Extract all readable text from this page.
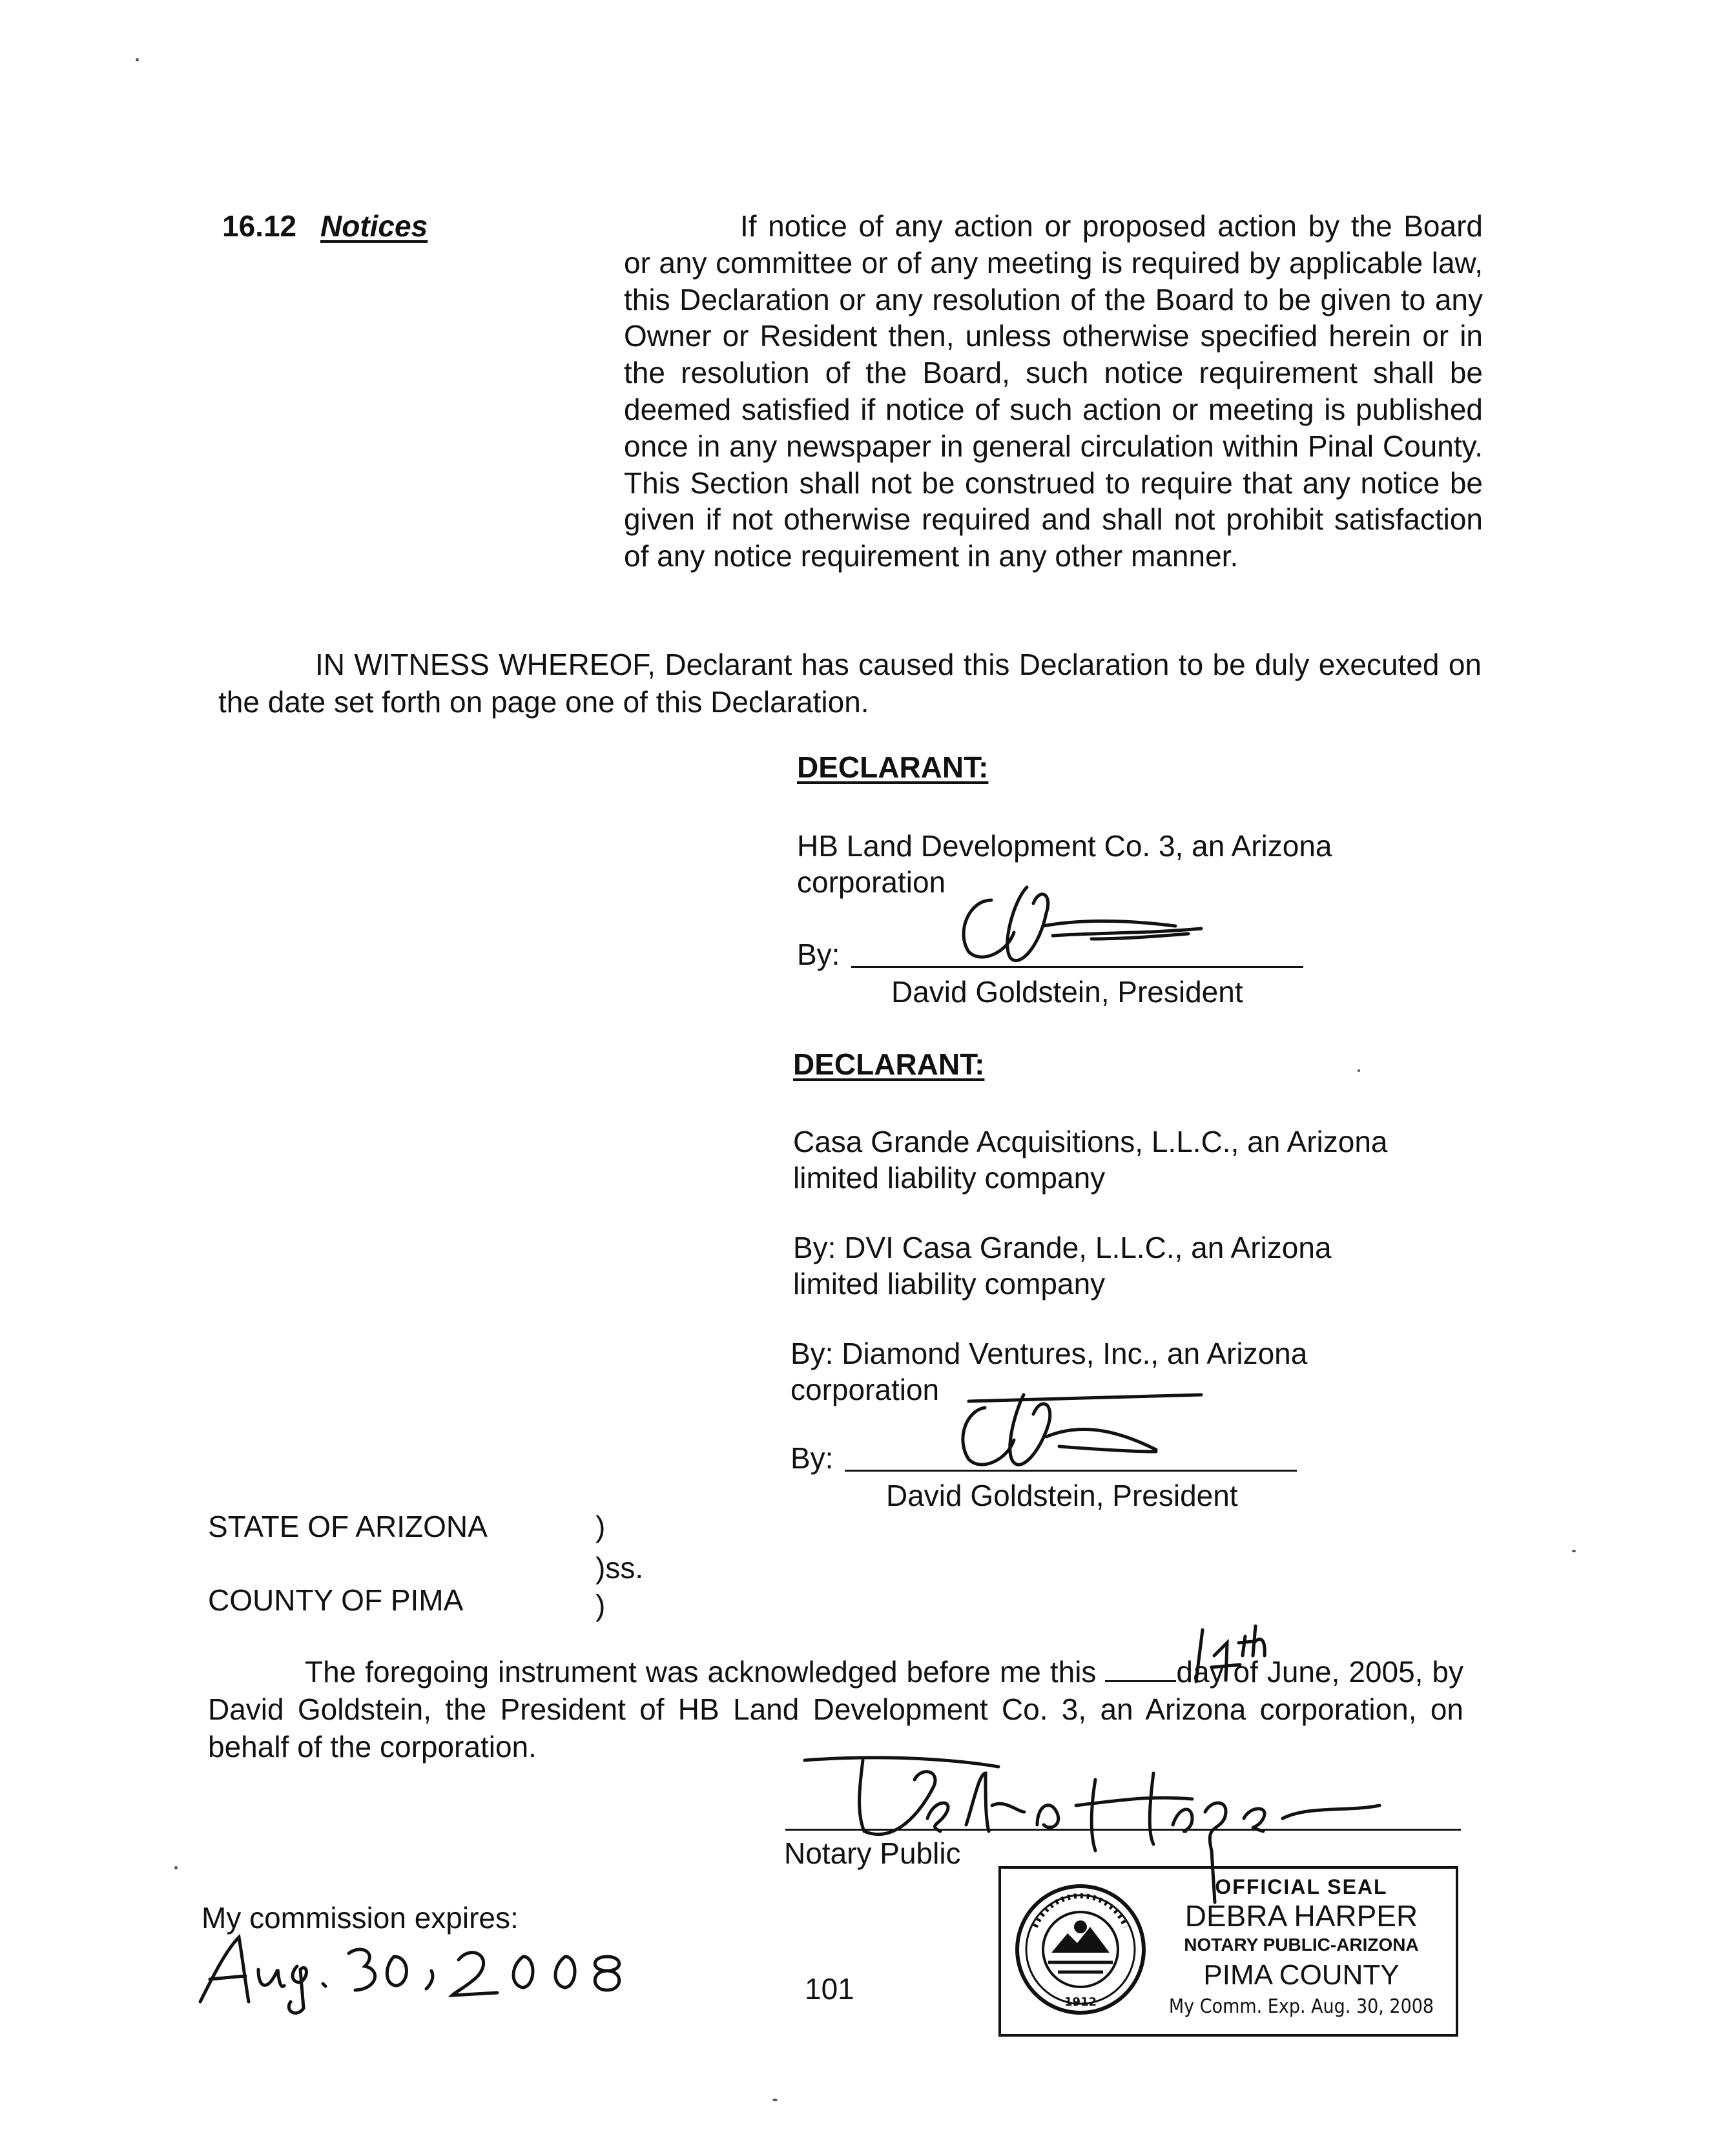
16.12 Notices	If notice of any action or proposed action by the Board or any committee or of any meeting is required by applicable law, this Declaration or any resolution of the Board to be given to any Owner or Resident then, unless otherwise specified herein or in the resolution of the Board, such notice requirement shall be deemed satisfied if notice of such action or meeting is published once in any newspaper in general circulation within Pinal County. This Section shall not be construed to require that any notice be given if not otherwise required and shall not prohibit satisfaction of any notice requirement in any other manner.
IN WITNESS WHEREOF, Declarant has caused this Declaration to be duly executed on the date set forth on page one of this Declaration.
DECLARANT:
HB Land Development Co. 3, an Arizona
corporation
By:
David Goldstein, President
DECLARANT:
Casa Grande Acquisitions, L.L.C., an Arizona
limited liability company
By: DVI Casa Grande, L.L.C., an Arizona
limited liability company
By: Diamond Ventures, Inc., an Arizona
corporation
By:
David Goldstein, President
STATE OF ARIZONA	)
)ss.
COUNTY OF PIMA	)
The foregoing instrument was acknowledged before me this	day of June, 2005, by David Goldstein, the President of HB Land Development Co. 3, an Arizona corporation, on behalf of the corporation.
Notary Public
My commission expires:
101	1912
OFFICIAL SEAL
DEBRA HARPER
NOTARY PUBLIC-ARIZONA
PIMA COUNTY
My Comm. Exp. Aug. 30, 2008
